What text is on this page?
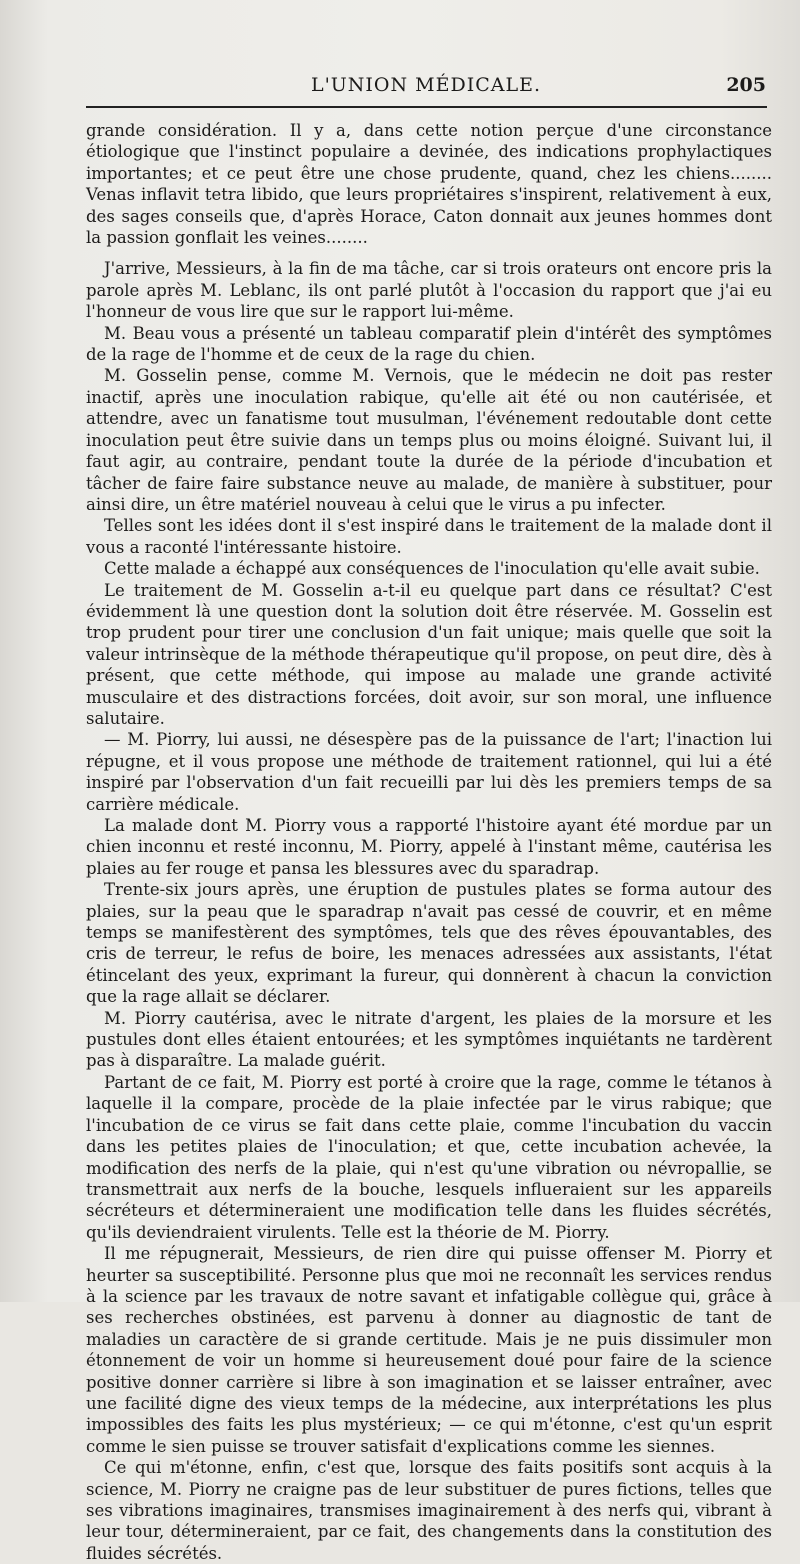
L'UNION MÉDICALE.	205

grande considération. Il y a, dans cette notion perçue d'une circonstance étiologique que l'instinct populaire a devinée, des indications prophylactiques importantes; et ce peut être une chose prudente, quand, chez les chiens........ Venas inflavit tetra libido, que leurs propriétaires s'inspirent, relativement à eux, des sages conseils que, d'après Horace, Caton donnait aux jeunes hommes dont la passion gonflait les veines........

J'arrive, Messieurs, à la fin de ma tâche, car si trois orateurs ont encore pris la parole après M. Leblanc, ils ont parlé plutôt à l'occasion du rapport que j'ai eu l'honneur de vous lire que sur le rapport lui-même.

M. Beau vous a présenté un tableau comparatif plein d'intérêt des symptômes de la rage de l'homme et de ceux de la rage du chien.

M. Gosselin pense, comme M. Vernois, que le médecin ne doit pas rester inactif, après une inoculation rabique, qu'elle ait été ou non cautérisée, et attendre, avec un fanatisme tout musulman, l'événement redoutable dont cette inoculation peut être suivie dans un temps plus ou moins éloigné. Suivant lui, il faut agir, au contraire, pendant toute la durée de la période d'incubation et tâcher de faire faire substance neuve au malade, de manière à substituer, pour ainsi dire, un être matériel nouveau à celui que le virus a pu infecter.

Telles sont les idées dont il s'est inspiré dans le traitement de la malade dont il vous a raconté l'intéressante histoire.

Cette malade a échappé aux conséquences de l'inoculation qu'elle avait subie.

Le traitement de M. Gosselin a-t-il eu quelque part dans ce résultat? C'est évidemment là une question dont la solution doit être réservée. M. Gosselin est trop prudent pour tirer une conclusion d'un fait unique; mais quelle que soit la valeur intrinsèque de la méthode thérapeutique qu'il propose, on peut dire, dès à présent, que cette méthode, qui impose au malade une grande activité musculaire et des distractions forcées, doit avoir, sur son moral, une influence salutaire.

— M. Piorry, lui aussi, ne désespère pas de la puissance de l'art; l'inaction lui répugne, et il vous propose une méthode de traitement rationnel, qui lui a été inspiré par l'observation d'un fait recueilli par lui dès les premiers temps de sa carrière médicale.

La malade dont M. Piorry vous a rapporté l'histoire ayant été mordue par un chien inconnu et resté inconnu, M. Piorry, appelé à l'instant même, cautérisa les plaies au fer rouge et pansa les blessures avec du sparadrap.

Trente-six jours après, une éruption de pustules plates se forma autour des plaies, sur la peau que le sparadrap n'avait pas cessé de couvrir, et en même temps se manifestèrent des symptômes, tels que des rêves épouvantables, des cris de terreur, le refus de boire, les menaces adressées aux assistants, l'état étincelant des yeux, exprimant la fureur, qui donnèrent à chacun la conviction que la rage allait se déclarer.

M. Piorry cautérisa, avec le nitrate d'argent, les plaies de la morsure et les pustules dont elles étaient entourées; et les symptômes inquiétants ne tardèrent pas à disparaître. La malade guérit.

Partant de ce fait, M. Piorry est porté à croire que la rage, comme le tétanos à laquelle il la compare, procède de la plaie infectée par le virus rabique; que l'incubation de ce virus se fait dans cette plaie, comme l'incubation du vaccin dans les petites plaies de l'inoculation; et que, cette incubation achevée, la modification des nerfs de la plaie, qui n'est qu'une vibration ou névropallie, se transmettrait aux nerfs de la bouche, lesquels influeraient sur les appareils sécréteurs et détermineraient une modification telle dans les fluides sécrétés, qu'ils deviendraient virulents. Telle est la théorie de M. Piorry.

Il me répugnerait, Messieurs, de rien dire qui puisse offenser M. Piorry et heurter sa susceptibilité. Personne plus que moi ne reconnaît les services rendus à la science par les travaux de notre savant et infatigable collègue qui, grâce à ses recherches obstinées, est parvenu à donner au diagnostic de tant de maladies un caractère de si grande certitude. Mais je ne puis dissimuler mon étonnement de voir un homme si heureusement doué pour faire de la science positive donner carrière si libre à son imagination et se laisser entraîner, avec une facilité digne des vieux temps de la médecine, aux interprétations les plus impossibles des faits les plus mystérieux; — ce qui m'étonne, c'est qu'un esprit comme le sien puisse se trouver satisfait d'explications comme les siennes.

Ce qui m'étonne, enfin, c'est que, lorsque des faits positifs sont acquis à la science, M. Piorry ne craigne pas de leur substituer de pures fictions, telles que ses vibrations imaginaires, transmises imaginairement à des nerfs qui, vibrant à leur tour, détermineraient, par ce fait, des changements dans la constitution des fluides sécrétés.
